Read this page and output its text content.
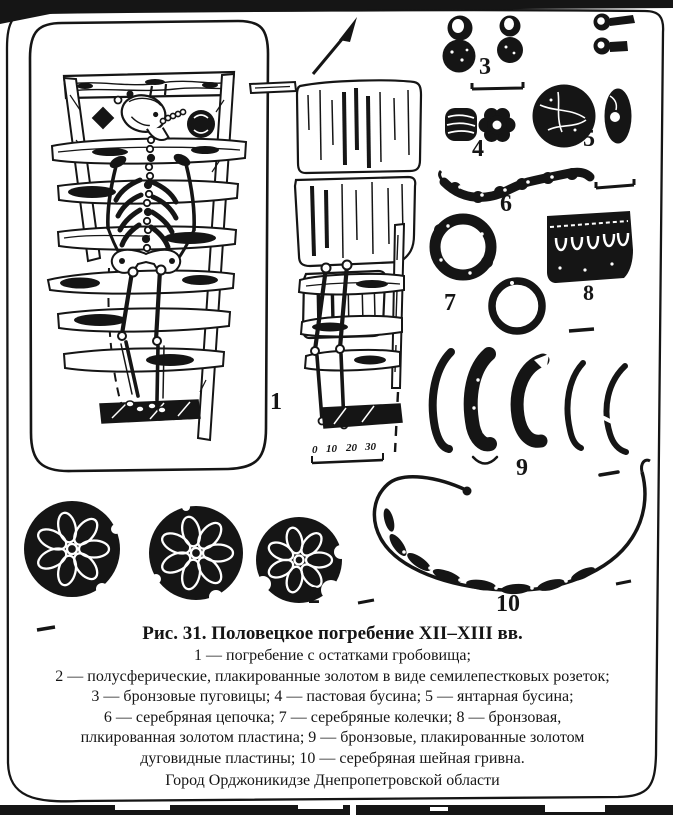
1
2
3
4	5
6
7	8
9
10
0 10 20 30
Рис. 31. Половецкое погребение XII–XIII вв.
1 — погребение с остатками гробовища;
2 — полусферические, плакированные золотом в виде семилепестковых розеток;
3 — бронзовые пуговицы; 4 — пастовая бусина; 5 — янтарная бусина;
6 — серебряная цепочка; 7 — серебряные колечки; 8 — бронзовая,
плкированная золотом пластина; 9 — бронзовые, плакированные золотом
дуговидные пластины; 10 — серебряная шейная гривна.
Город Орджоникидзе Днепропетровской области
